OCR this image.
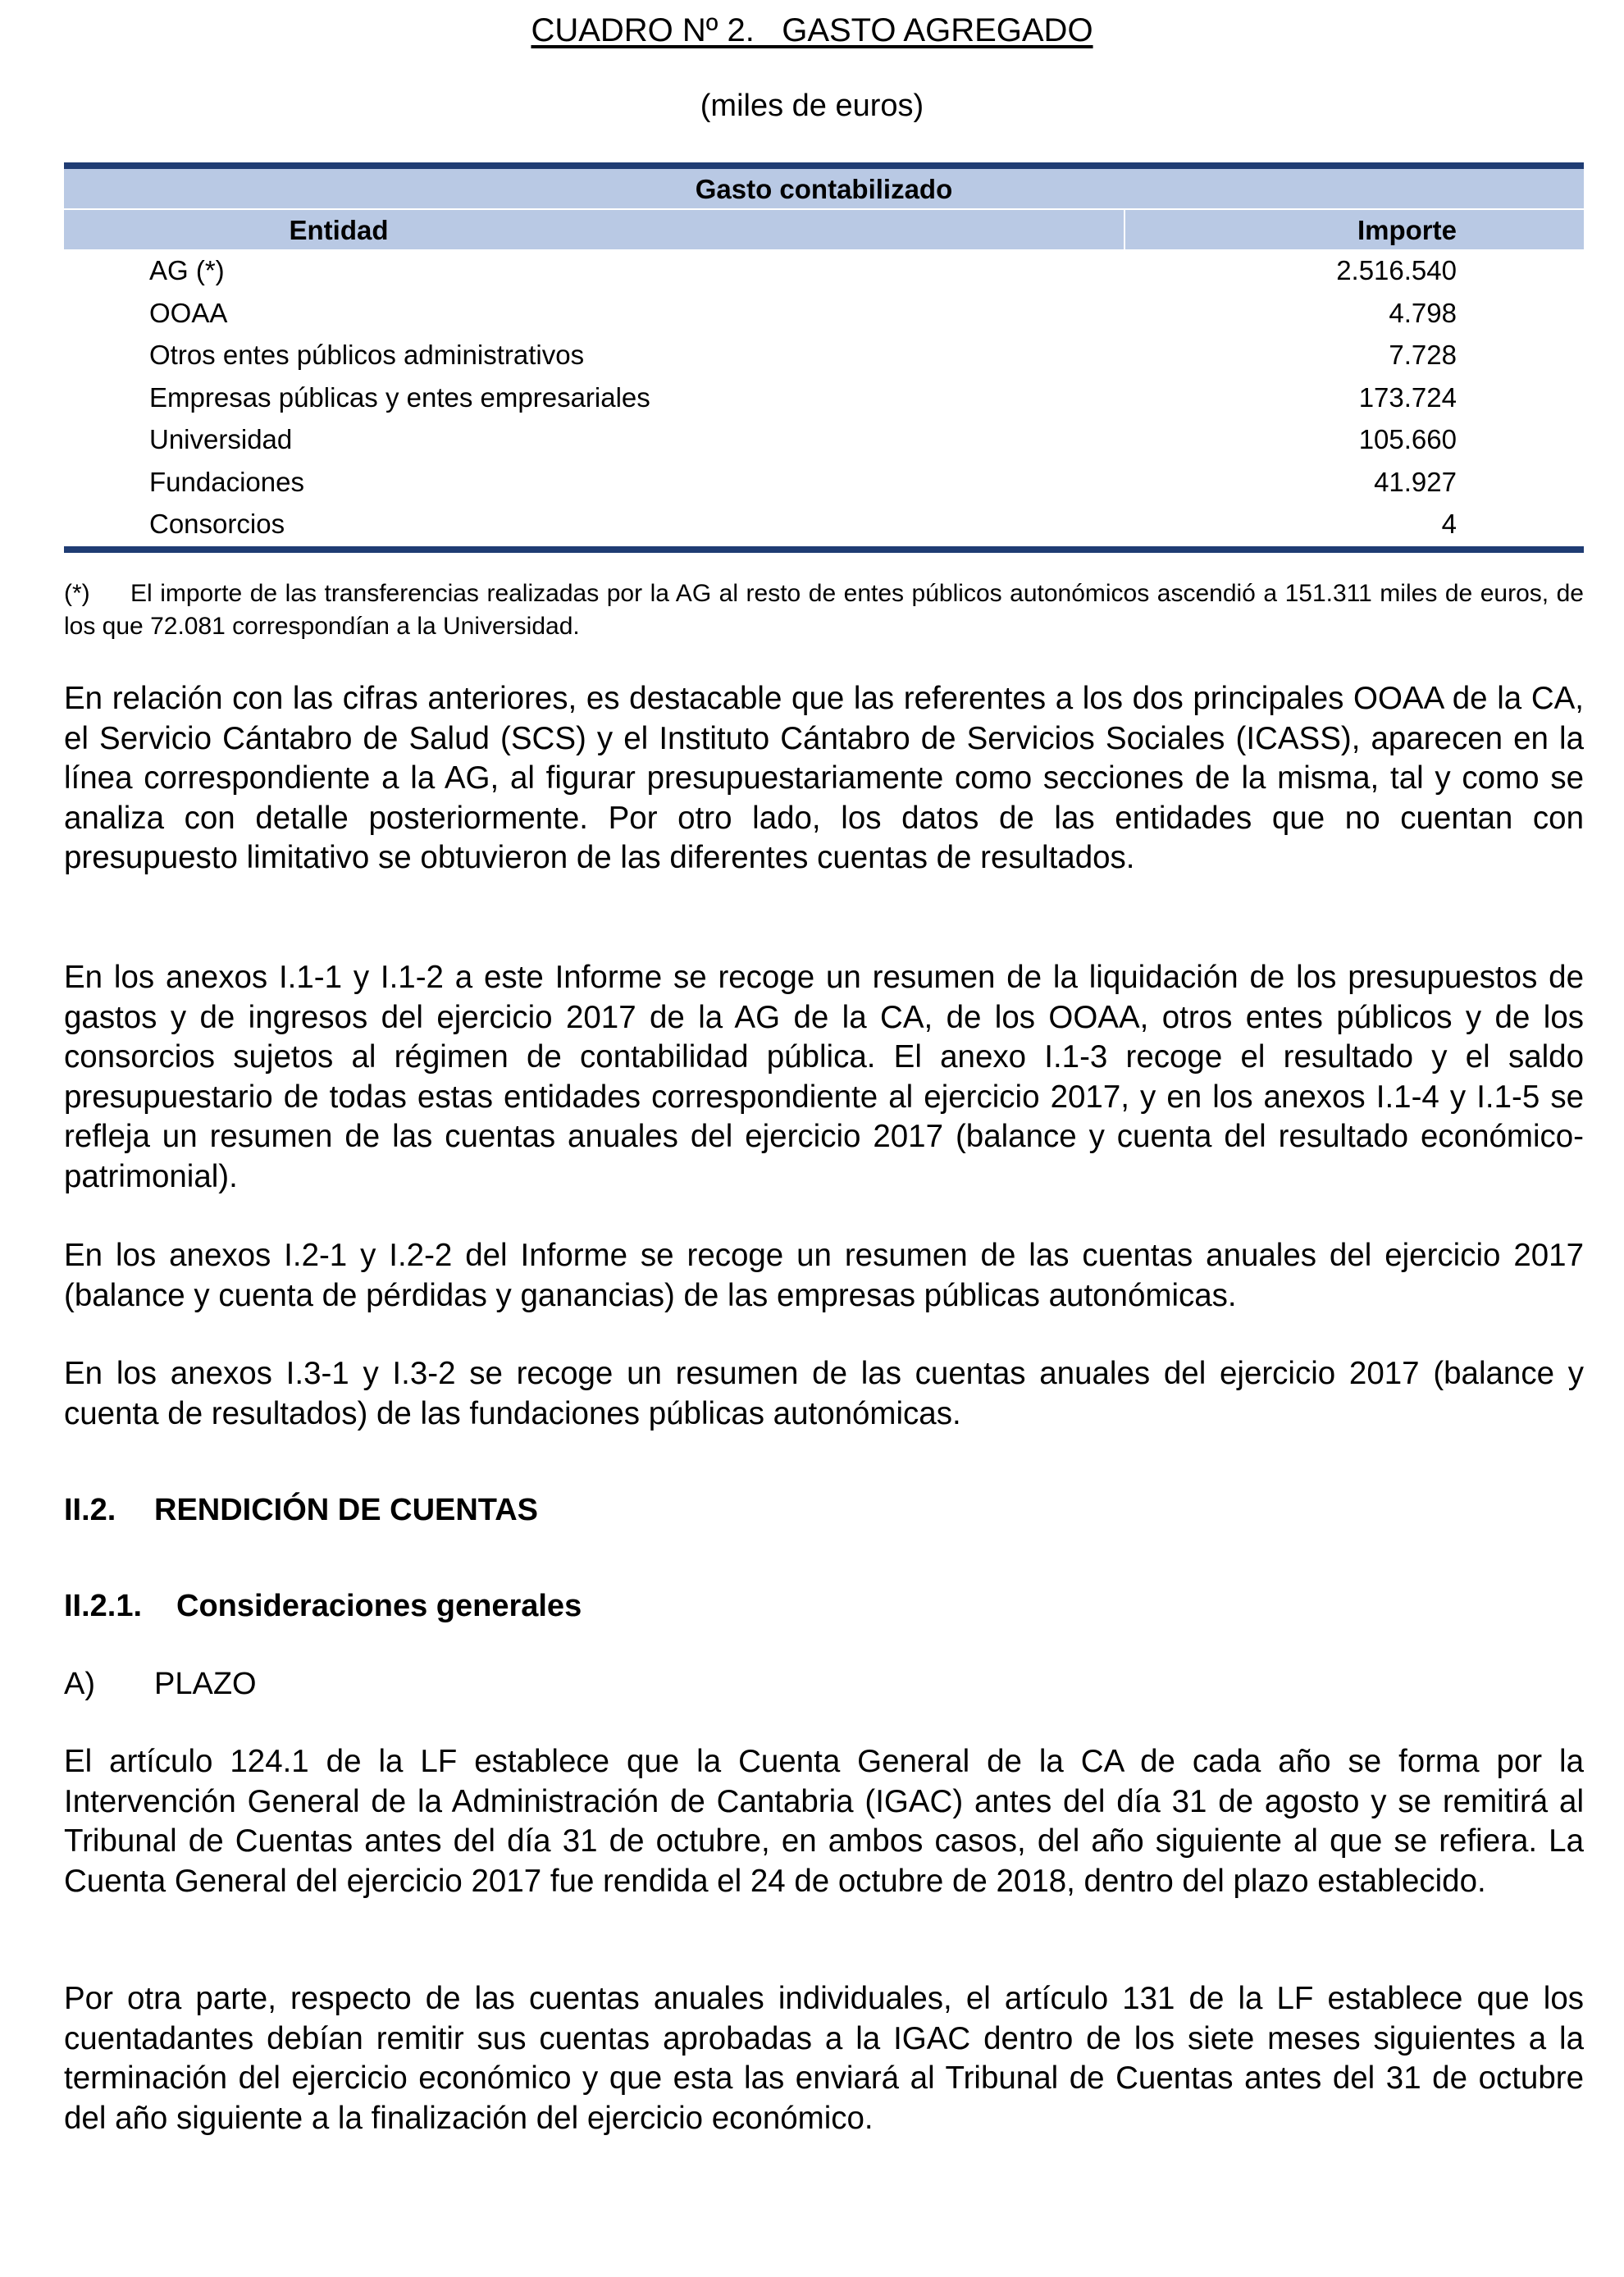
CUADRO Nº 2.   GASTO AGREGADO
(miles de euros)
Gasto contabilizado
Entidad	Importe
AG (*)	2.516.540
OOAA	4.798
Otros entes públicos administrativos	7.728
Empresas públicas y entes empresariales	173.724
Universidad	105.660
Fundaciones	41.927
Consorcios	4
(*) El importe de las transferencias realizadas por la AG al resto de entes públicos autonómicos ascendió a 151.311 miles de euros, de los que 72.081 correspondían a la Universidad.
En relación con las cifras anteriores, es destacable que las referentes a los dos principales OOAA de la CA, el Servicio Cántabro de Salud (SCS) y el Instituto Cántabro de Servicios Sociales (ICASS), aparecen en la línea correspondiente a la AG, al figurar presupuestariamente como secciones de la misma, tal y como se analiza con detalle posteriormente. Por otro lado, los datos de las entidades que no cuentan con presupuesto limitativo se obtuvieron de las diferentes cuentas de resultados.
En los anexos I.1-1 y I.1-2 a este Informe se recoge un resumen de la liquidación de los presupuestos de gastos y de ingresos del ejercicio 2017 de la AG de la CA, de los OOAA, otros entes públicos y de los consorcios sujetos al régimen de contabilidad pública. El anexo I.1-3 recoge el resultado y el saldo presupuestario de todas estas entidades correspondiente al ejercicio 2017, y en los anexos I.1-4 y I.1-5 se refleja un resumen de las cuentas anuales del ejercicio 2017 (balance y cuenta del resultado económico-patrimonial).
En los anexos I.2-1 y I.2-2 del Informe se recoge un resumen de las cuentas anuales del ejercicio 2017 (balance y cuenta de pérdidas y ganancias) de las empresas públicas autonómicas.
En los anexos I.3-1 y I.3-2 se recoge un resumen de las cuentas anuales del ejercicio 2017 (balance y cuenta de resultados) de las fundaciones públicas autonómicas.
II.2. RENDICIÓN DE CUENTAS
II.2.1. Consideraciones generales
A) PLAZO
El artículo 124.1 de la LF establece que la Cuenta General de la CA de cada año se forma por la Intervención General de la Administración de Cantabria (IGAC) antes del día 31 de agosto y se remitirá al Tribunal de Cuentas antes del día 31 de octubre, en ambos casos, del año siguiente al que se refiera. La Cuenta General del ejercicio 2017 fue rendida el 24 de octubre de 2018, dentro del plazo establecido.
Por otra parte, respecto de las cuentas anuales individuales, el artículo 131 de la LF establece que los cuentadantes debían remitir sus cuentas aprobadas a la IGAC dentro de los siete meses siguientes a la terminación del ejercicio económico y que esta las enviará al Tribunal de Cuentas antes del 31 de octubre del año siguiente a la finalización del ejercicio económico.
